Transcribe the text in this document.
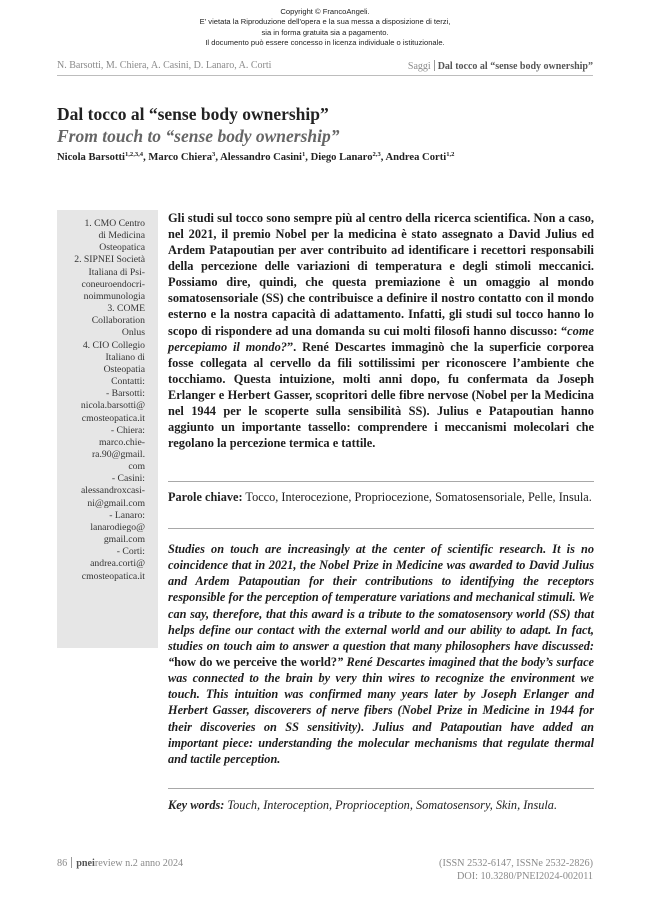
Copyright © FrancoAngeli.
E' vietata la Riproduzione dell'opera e la sua messa a disposizione di terzi,
sia in forma gratuita sia a pagamento.
Il documento può essere concesso in licenza individuale o istituzionale.
N. Barsotti, M. Chiera, A. Casini, D. Lanaro, A. Corti	Saggi Dal tocco al “sense body ownership”
Dal tocco al “sense body ownership”
From touch to “sense body ownership”
Nicola Barsotti$^{1,2,3,4}$, Marco Chiera$^3$, Alessandro Casini$^1$, Diego Lanaro$^{2,3}$, Andrea Corti$^{1,2}$
1. CMO Centro
di Medicina
Osteopatica
2. SIPNEI Società
Italiana di Psi-
coneuroendocri-
noimmunologia
3. COME
Collaboration
Onlus
4. CIO Collegio
Italiano di
Osteopatia
Contatti:
- Barsotti:
nicola.barsotti@
cmosteopatica.it
- Chiera:
marco.chie-
ra.90@gmail.
com
- Casini:
alessandroxcasi-
ni@gmail.com
- Lanaro:
lanarodiego@
gmail.com
- Corti:
andrea.corti@
cmosteopatica.it

Gli studi sul tocco sono sempre più al centro della ricerca scientifica. Non a caso, nel 2021, il premio Nobel per la medicina è stato assegnato a David Julius ed Ardem Patapoutian per aver contribuito ad identificare i recettori responsabili della percezione delle variazioni di temperatura e degli stimoli meccanici. Possiamo dire, quindi, che questa premiazione è un omaggio al mondo somatosensoriale (SS) che contribuisce a definire il nostro contatto con il mondo esterno e la nostra capacità di adattamento. Infatti, gli studi sul tocco hanno lo scopo di rispondere ad una domanda su cui molti filosofi hanno discusso: “come percepiamo il mondo?”. René Descartes immaginò che la superficie corporea fosse collegata al cervello da fili sottilissimi per riconoscere l’ambiente che tocchiamo. Questa intuizione, molti anni dopo, fu confermata da Joseph Erlanger e Herbert Gasser, scopritori delle fibre nervose (Nobel per la Medicina nel 1944 per le scoperte sulla sensibilità SS). Julius e Patapoutian hanno aggiunto un importante tassello: comprendere i meccanismi molecolari che regolano la percezione termica e tattile.

Parole chiave: Tocco, Interocezione, Propriocezione, Somatosensoriale, Pelle, Insula.

Studies on touch are increasingly at the center of scientific research. It is no coincidence that in 2021, the Nobel Prize in Medicine was awarded to David Julius and Ardem Patapoutian for their contributions to identifying the receptors responsible for the perception of temperature variations and mechanical stimuli. We can say, therefore, that this award is a tribute to the somatosensory world (SS) that helps define our contact with the external world and our ability to adapt. In fact, studies on touch aim to answer a question that many philosophers have discussed: “how do we perceive the world?” René Descartes imagined that the body’s surface was connected to the brain by very thin wires to recognize the environment we touch. This intuition was confirmed many years later by Joseph Erlanger and Herbert Gasser, discoverers of nerve fibers (Nobel Prize in Medicine in 1944 for their discoveries on SS sensitivity). Julius and Patapoutian have added an important piece: understanding the molecular mechanisms that regulate thermal and tactile perception.

Key words: Touch, Interoception, Proprioception, Somatosensory, Skin, Insula.
86 pneireview n.2 anno 2024	(ISSN 2532-6147, ISSNe 2532-2826)
DOI: 10.3280/PNEI2024-002011
